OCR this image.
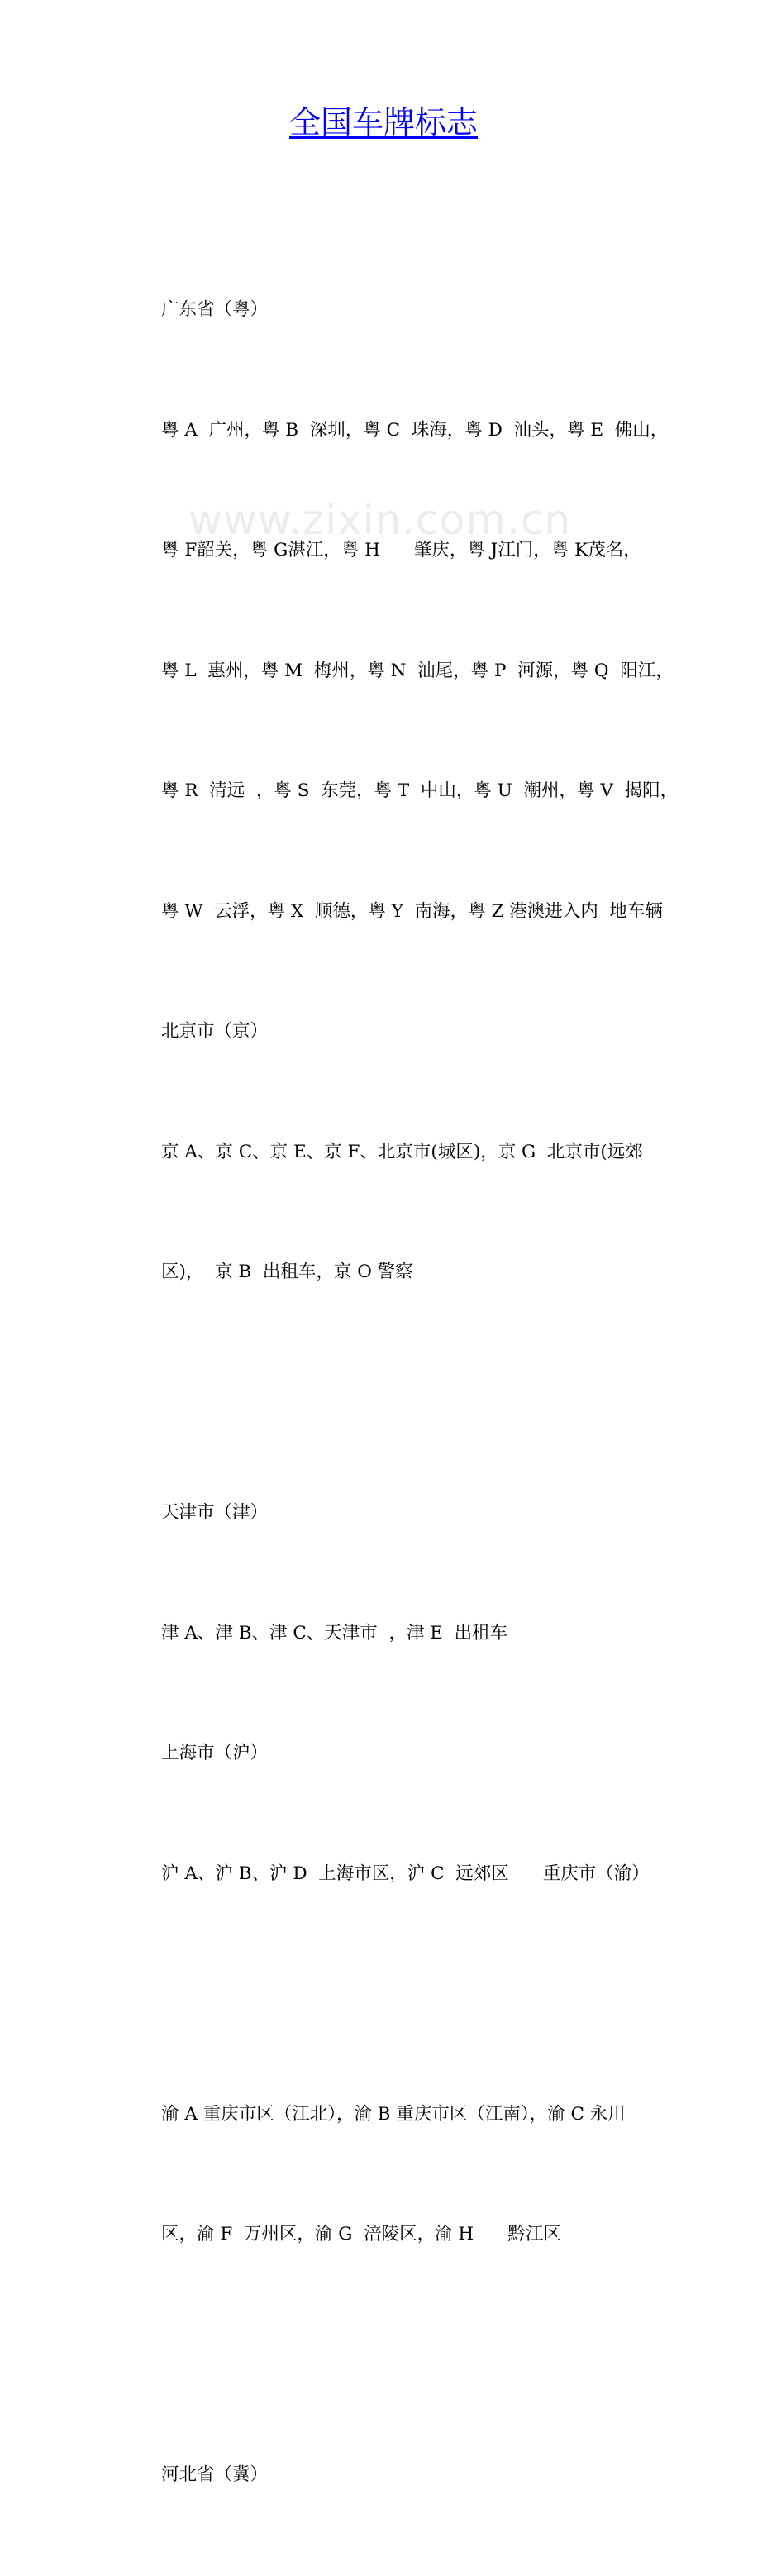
全国车牌标志
www.zixin.com.cn

广东省（粤）

粤 A  广州，粤 B  深圳，粤 C  珠海，粤 D  汕头，粤 E  佛山，

粤 F韶关，粤 G湛江，粤 H      肇庆，粤 J江门，粤 K茂名，

粤 L  惠州，粤 M  梅州，粤 N  汕尾，粤 P  河源，粤 Q  阳江，

粤 R  清远  ，粤 S  东莞，粤 T  中山，粤 U  潮州，粤 V  揭阳，

粤 W  云浮，粤 X  顺德，粤 Y  南海，粤 Z 港澳进入内  地车辆

北京市（京）

京 A、京 C、京 E、京 F、北京市(城区)，京 G  北京市(远郊

区)，  京 B  出租车，京 O 警察

天津市（津）

津 A、津 B、津 C、天津市  ，津 E  出租车

上海市（沪）

沪 A、沪 B、沪 D  上海市区，沪 C  远郊区      重庆市（渝）

渝 A 重庆市区（江北），渝 B 重庆市区（江南），渝 C 永川

区，渝 F  万州区，渝 G  涪陵区，渝 H      黔江区

河北省（冀）
